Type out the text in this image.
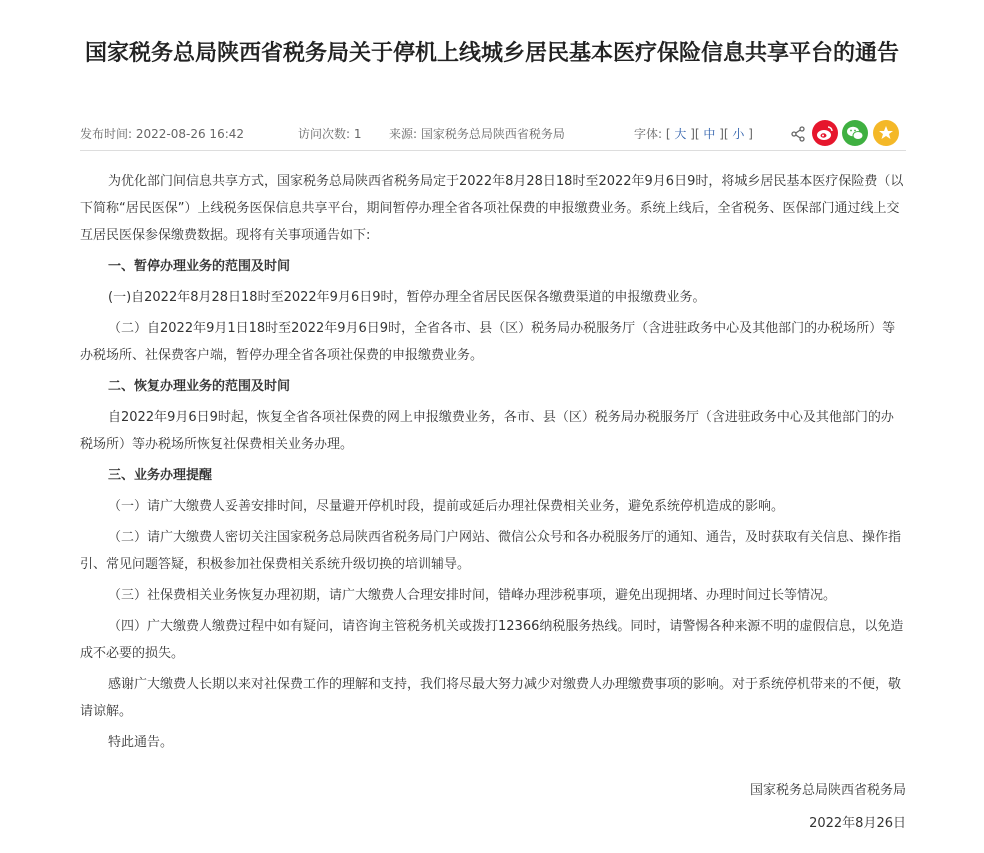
国家税务总局陕西省税务局关于停机上线城乡居民基本医疗保险信息共享平台的通告
发布时间: 2022-08-26 16:42	访问次数: 1 来源: 国家税务总局陕西省税务局	字体: [ 大 ][ 中 ][ 小 ]

为优化部门间信息共享方式，国家税务总局陕西省税务局定于2022年8月28日18时至2022年9月6日9时，将城乡居民基本医疗保险费（以下简称“居民医保”）上线税务医保信息共享平台，期间暂停办理全省各项社保费的申报缴费业务。系统上线后，全省税务、医保部门通过线上交互居民医保参保缴费数据。现将有关事项通告如下:

一、暂停办理业务的范围及时间

(一)自2022年8月28日18时至2022年9月6日9时，暂停办理全省居民医保各缴费渠道的申报缴费业务。

（二）自2022年9月1日18时至2022年9月6日9时，全省各市、县（区）税务局办税服务厅（含进驻政务中心及其他部门的办税场所）等办税场所、社保费客户端，暂停办理全省各项社保费的申报缴费业务。

二、恢复办理业务的范围及时间

自2022年9月6日9时起，恢复全省各项社保费的网上申报缴费业务，各市、县（区）税务局办税服务厅（含进驻政务中心及其他部门的办税场所）等办税场所恢复社保费相关业务办理。

三、业务办理提醒

（一）请广大缴费人妥善安排时间，尽量避开停机时段，提前或延后办理社保费相关业务，避免系统停机造成的影响。

（二）请广大缴费人密切关注国家税务总局陕西省税务局门户网站、微信公众号和各办税服务厅的通知、通告，及时获取有关信息、操作指引、常见问题答疑，积极参加社保费相关系统升级切换的培训辅导。

（三）社保费相关业务恢复办理初期，请广大缴费人合理安排时间，错峰办理涉税事项，避免出现拥堵、办理时间过长等情况。

（四）广大缴费人缴费过程中如有疑问，请咨询主管税务机关或拨打12366纳税服务热线。同时，请警惕各种来源不明的虚假信息，以免造成不必要的损失。

感谢广大缴费人长期以来对社保费工作的理解和支持，我们将尽最大努力减少对缴费人办理缴费事项的影响。对于系统停机带来的不便，敬请谅解。

特此通告。

国家税务总局陕西省税务局
2022年8月26日
